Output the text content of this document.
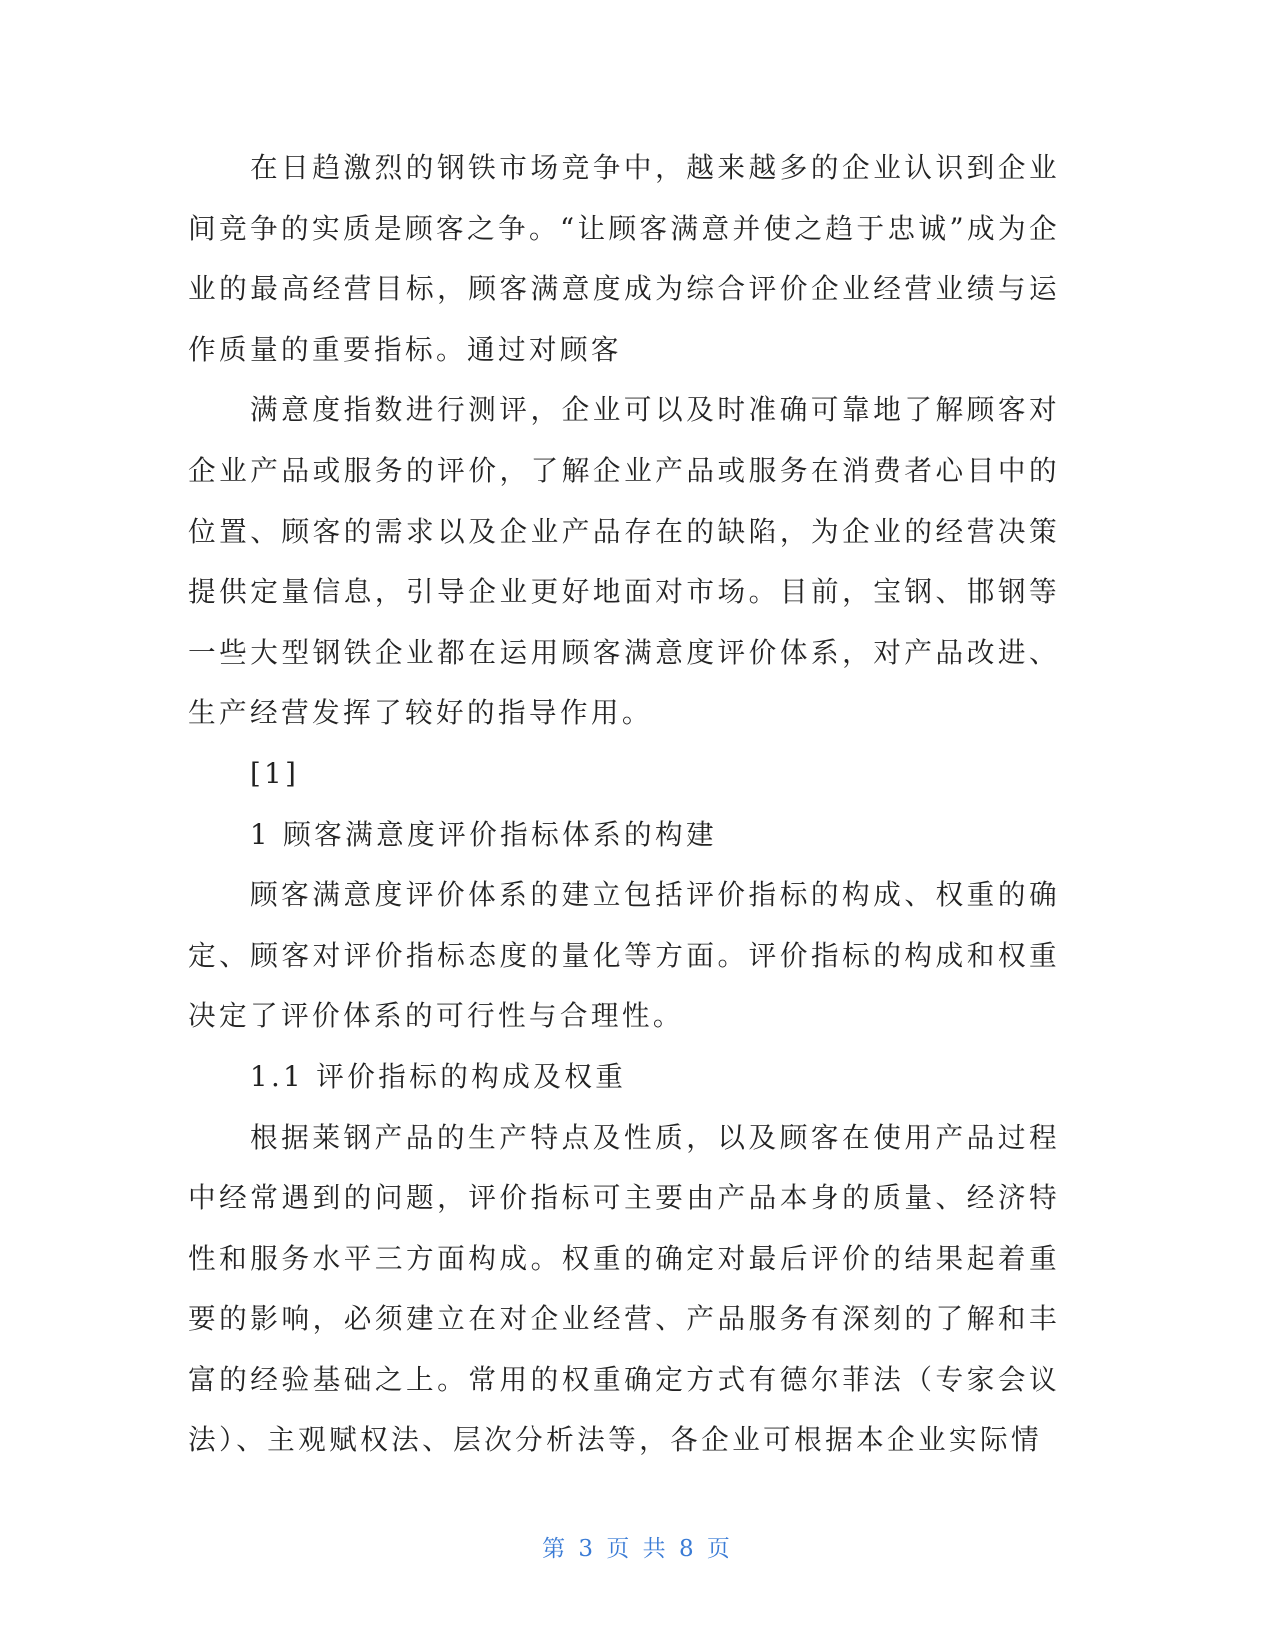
在日趋激烈的钢铁市场竞争中，越来越多的企业认识到企业间竞争的实质是顾客之争。“让顾客满意并使之趋于忠诚”成为企业的最高经营目标，顾客满意度成为综合评价企业经营业绩与运作质量的重要指标。通过对顾客

满意度指数进行测评，企业可以及时准确可靠地了解顾客对企业产品或服务的评价，了解企业产品或服务在消费者心目中的位置、顾客的需求以及企业产品存在的缺陷，为企业的经营决策提供定量信息，引导企业更好地面对市场。目前，宝钢、邯钢等一些大型钢铁企业都在运用顾客满意度评价体系，对产品改进、生产经营发挥了较好的指导作用。

[1]

1 顾客满意度评价指标体系的构建

顾客满意度评价体系的建立包括评价指标的构成、权重的确定、顾客对评价指标态度的量化等方面。评价指标的构成和权重决定了评价体系的可行性与合理性。

1.1 评价指标的构成及权重

根据莱钢产品的生产特点及性质，以及顾客在使用产品过程中经常遇到的问题，评价指标可主要由产品本身的质量、经济特性和服务水平三方面构成。权重的确定对最后评价的结果起着重要的影响，必须建立在对企业经营、产品服务有深刻的了解和丰富的经验基础之上。常用的权重确定方式有德尔菲法（专家会议法）、主观赋权法、层次分析法等，各企业可根据本企业实际情

第 3 页 共 8 页
